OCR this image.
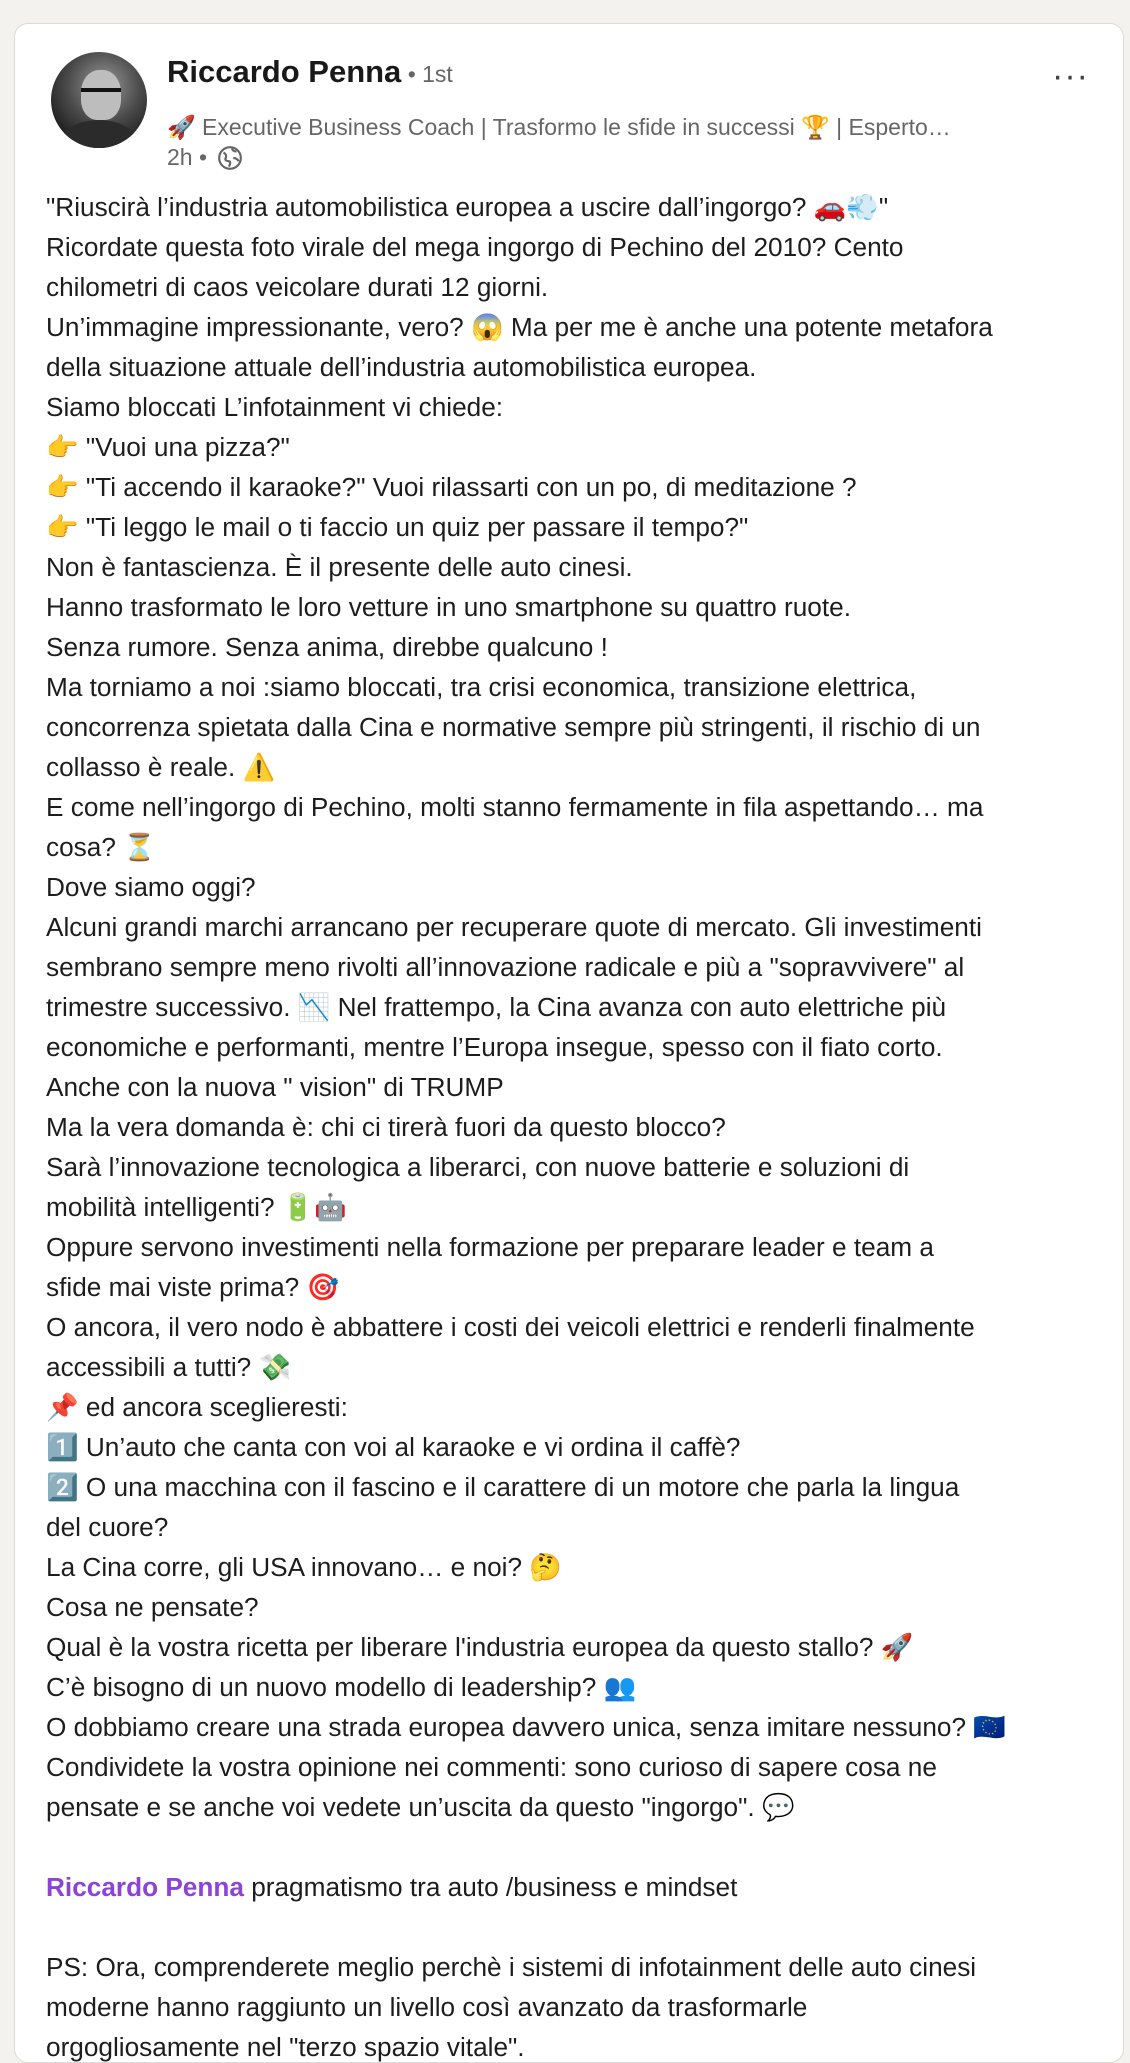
Riccardo Penna • 1st
🚀 Executive Business Coach | Trasformo le sfide in successi 🏆 | Esperto…
2h •
···

"Riuscirà l’industria automobilistica europea a uscire dall’ingorgo? 🚗💨"

Ricordate questa foto virale del mega ingorgo di Pechino del 2010? Cento

chilometri di caos veicolare durati 12 giorni.

Un’immagine impressionante, vero? 😱 Ma per me è anche una potente metafora

della situazione attuale dell’industria automobilistica europea.

Siamo bloccati L’infotainment vi chiede:

👉 "Vuoi una pizza?"

👉 "Ti accendo il karaoke?" Vuoi rilassarti con un po, di meditazione ?

👉 "Ti leggo le mail o ti faccio un quiz per passare il tempo?"

Non è fantascienza. È il presente delle auto cinesi.

Hanno trasformato le loro vetture in uno smartphone su quattro ruote.

Senza rumore. Senza anima, direbbe qualcuno !

Ma torniamo a noi :siamo bloccati, tra crisi economica, transizione elettrica,

concorrenza spietata dalla Cina e normative sempre più stringenti, il rischio di un

collasso è reale. ⚠️

E come nell’ingorgo di Pechino, molti stanno fermamente in fila aspettando… ma

cosa? ⏳

Dove siamo oggi?

Alcuni grandi marchi arrancano per recuperare quote di mercato. Gli investimenti

sembrano sempre meno rivolti all’innovazione radicale e più a "sopravvivere" al

trimestre successivo. 📉 Nel frattempo, la Cina avanza con auto elettriche più

economiche e performanti, mentre l’Europa insegue, spesso con il fiato corto.

Anche con la nuova " vision" di TRUMP

Ma la vera domanda è: chi ci tirerà fuori da questo blocco?

Sarà l’innovazione tecnologica a liberarci, con nuove batterie e soluzioni di

mobilità intelligenti? 🔋🤖

Oppure servono investimenti nella formazione per preparare leader e team a

sfide mai viste prima? 🎯

O ancora, il vero nodo è abbattere i costi dei veicoli elettrici e renderli finalmente

accessibili a tutti? 💸

📌 ed ancora sceglieresti:

1️⃣ Un’auto che canta con voi al karaoke e vi ordina il caffè?

2️⃣ O una macchina con il fascino e il carattere di un motore che parla la lingua

del cuore?

La Cina corre, gli USA innovano… e noi? 🤔

Cosa ne pensate?

Qual è la vostra ricetta per liberare l'industria europea da questo stallo? 🚀

C’è bisogno di un nuovo modello di leadership? 👥

O dobbiamo creare una strada europea davvero unica, senza imitare nessuno? 🇪🇺

Condividete la vostra opinione nei commenti: sono curioso di sapere cosa ne

pensate e se anche voi vedete un’uscita da questo "ingorgo". 💬

Riccardo Penna pragmatismo tra auto /business e mindset

PS: Ora, comprenderete meglio perchè i sistemi di infotainment delle auto cinesi

moderne hanno raggiunto un livello così avanzato da trasformarle

orgogliosamente nel "terzo spazio vitale".
